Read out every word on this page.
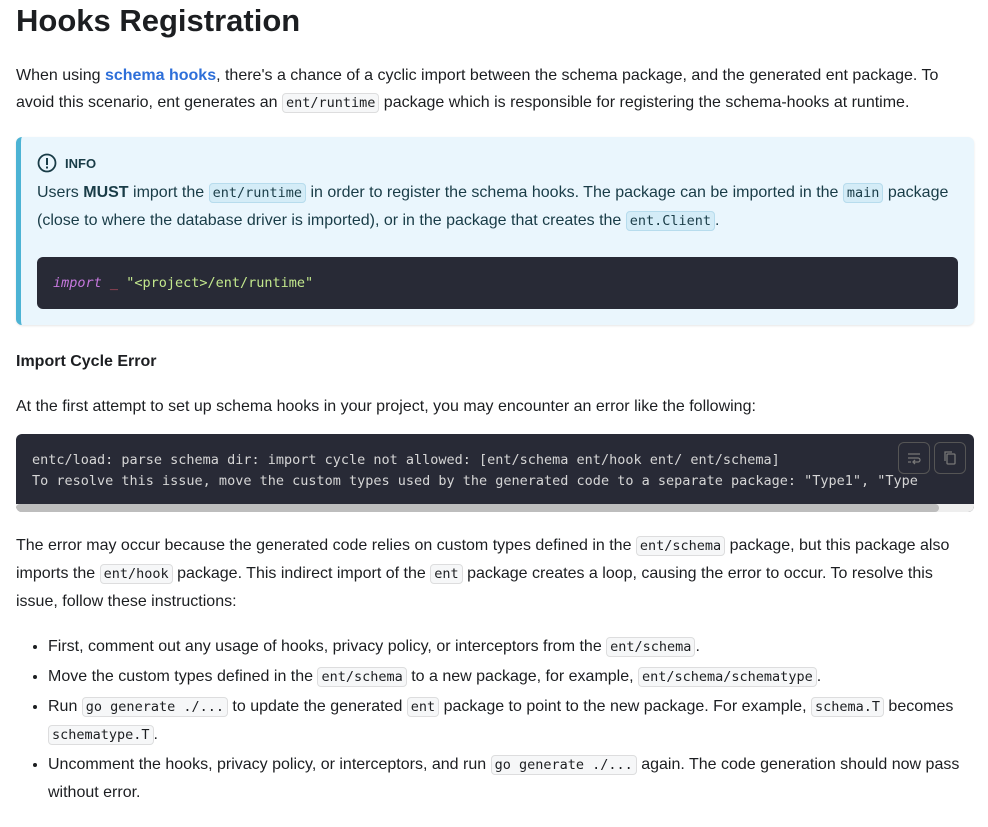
Hooks Registration

When using schema hooks, there's a chance of a cyclic import between the schema package, and the generated ent package. To avoid this scenario, ent generates an ent/runtime package which is responsible for registering the schema-hooks at runtime.

INFO

Users MUST import the ent/runtime in order to register the schema hooks. The package can be imported in the main package (close to where the database driver is imported), or in the package that creates the ent.Client .

import _ "<project>/ent/runtime"
Import Cycle Error

At the first attempt to set up schema hooks in your project, you may encounter an error like the following:

entc/load: parse schema dir: import cycle not allowed: [ent/schema ent/hook ent/ ent/schema]
To resolve this issue, move the custom types used by the generated code to a separate package: "Type1", "Type

The error may occur because the generated code relies on custom types defined in the ent/schema package, but this package also imports the ent/hook package. This indirect import of the ent package creates a loop, causing the error to occur. To resolve this issue, follow these instructions:

• First, comment out any usage of hooks, privacy policy, or interceptors from the ent/schema .
• Move the custom types defined in the ent/schema to a new package, for example, ent/schema/schematype .
• Run go generate ./... to update the generated ent package to point to the new package. For example, schema.T becomes schematype.T .
• Uncomment the hooks, privacy policy, or interceptors, and run go generate ./... again. The code generation should now pass without error.
